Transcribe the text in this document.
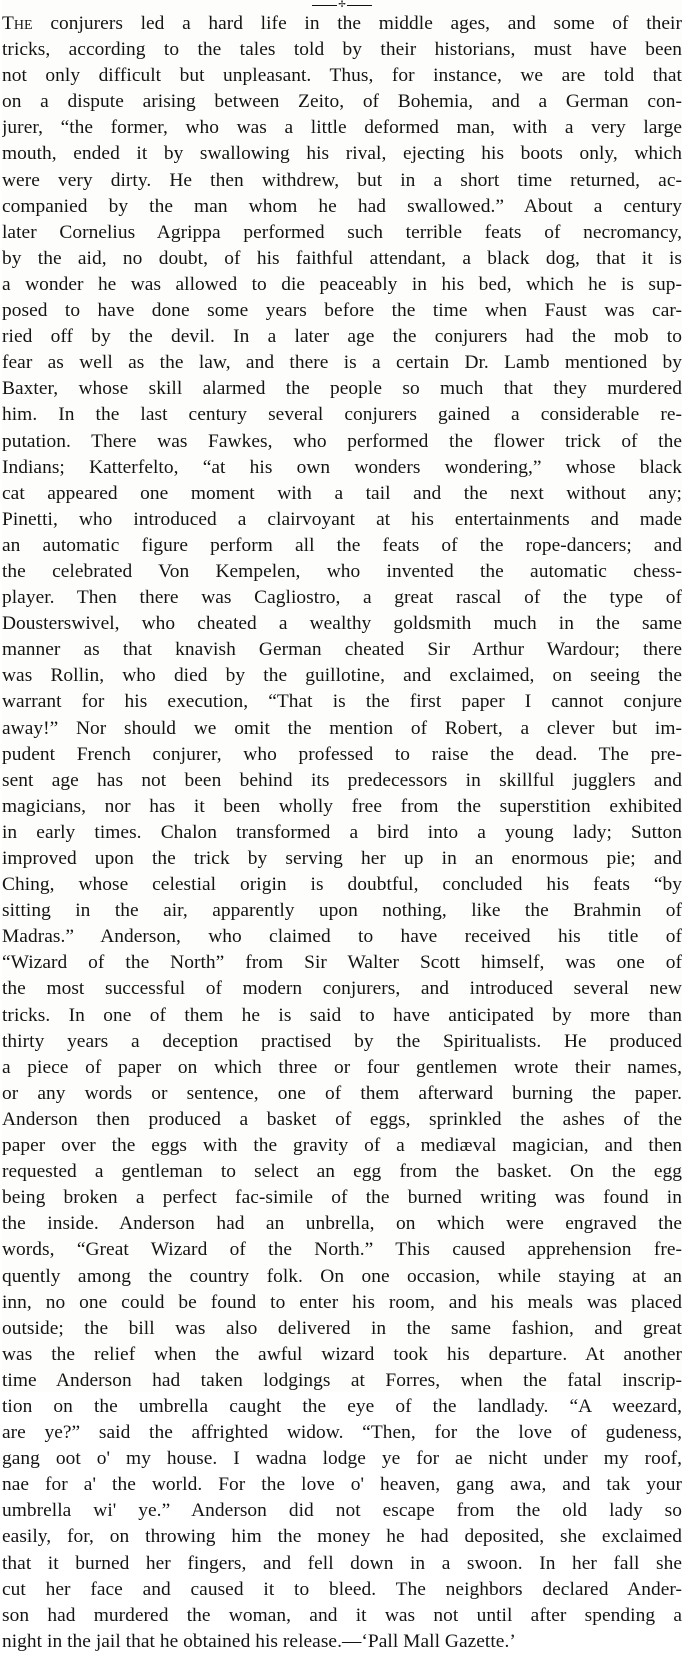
✢
The conjurers led a hard life in the middle ages, and some of their
tricks, according to the tales told by their historians, must have been
not only difficult but unpleasant. Thus, for instance, we are told that
on a dispute arising between Zeito, of Bohemia, and a German con-
jurer, “the former, who was a little deformed man, with a very large
mouth, ended it by swallowing his rival, ejecting his boots only, which
were very dirty. He then withdrew, but in a short time returned, ac-
companied by the man whom he had swallowed.” About a century
later Cornelius Agrippa performed such terrible feats of necromancy,
by the aid, no doubt, of his faithful attendant, a black dog, that it is
a wonder he was allowed to die peaceably in his bed, which he is sup-
posed to have done some years before the time when Faust was car-
ried off by the devil. In a later age the conjurers had the mob to
fear as well as the law, and there is a certain Dr. Lamb mentioned by
Baxter, whose skill alarmed the people so much that they murdered
him. In the last century several conjurers gained a considerable re-
putation. There was Fawkes, who performed the flower trick of the
Indians; Katterfelto, “at his own wonders wondering,” whose black
cat appeared one moment with a tail and the next without any;
Pinetti, who introduced a clairvoyant at his entertainments and made
an automatic figure perform all the feats of the rope-dancers; and
the celebrated Von Kempelen, who invented the automatic chess-
player. Then there was Cagliostro, a great rascal of the type of
Dousterswivel, who cheated a wealthy goldsmith much in the same
manner as that knavish German cheated Sir Arthur Wardour; there
was Rollin, who died by the guillotine, and exclaimed, on seeing the
warrant for his execution, “That is the first paper I cannot conjure
away!” Nor should we omit the mention of Robert, a clever but im-
pudent French conjurer, who professed to raise the dead. The pre-
sent age has not been behind its predecessors in skillful jugglers and
magicians, nor has it been wholly free from the superstition exhibited
in early times. Chalon transformed a bird into a young lady; Sutton
improved upon the trick by serving her up in an enormous pie; and
Ching, whose celestial origin is doubtful, concluded his feats “by
sitting in the air, apparently upon nothing, like the Brahmin of
Madras.” Anderson, who claimed to have received his title of
“Wizard of the North” from Sir Walter Scott himself, was one of
the most successful of modern conjurers, and introduced several new
tricks. In one of them he is said to have anticipated by more than
thirty years a deception practised by the Spiritualists. He produced
a piece of paper on which three or four gentlemen wrote their names,
or any words or sentence, one of them afterward burning the paper.
Anderson then produced a basket of eggs, sprinkled the ashes of the
paper over the eggs with the gravity of a mediæval magician, and then
requested a gentleman to select an egg from the basket. On the egg
being broken a perfect fac-simile of the burned writing was found in
the inside. Anderson had an unbrella, on which were engraved the
words, “Great Wizard of the North.” This caused apprehension fre-
quently among the country folk. On one occasion, while staying at an
inn, no one could be found to enter his room, and his meals was placed
outside; the bill was also delivered in the same fashion, and great
was the relief when the awful wizard took his departure. At another
time Anderson had taken lodgings at Forres, when the fatal inscrip-
tion on the umbrella caught the eye of the landlady. “A weezard,
are ye?” said the affrighted widow. “Then, for the love of gudeness,
gang oot o' my house. I wadna lodge ye for ae nicht under my roof,
nae for a' the world. For the love o' heaven, gang awa, and tak your
umbrella wi' ye.” Anderson did not escape from the old lady so
easily, for, on throwing him the money he had deposited, she exclaimed
that it burned her fingers, and fell down in a swoon. In her fall she
cut her face and caused it to bleed. The neighbors declared Ander-
son had murdered the woman, and it was not until after spending a
night in the jail that he obtained his release.—‘Pall Mall Gazette.’
